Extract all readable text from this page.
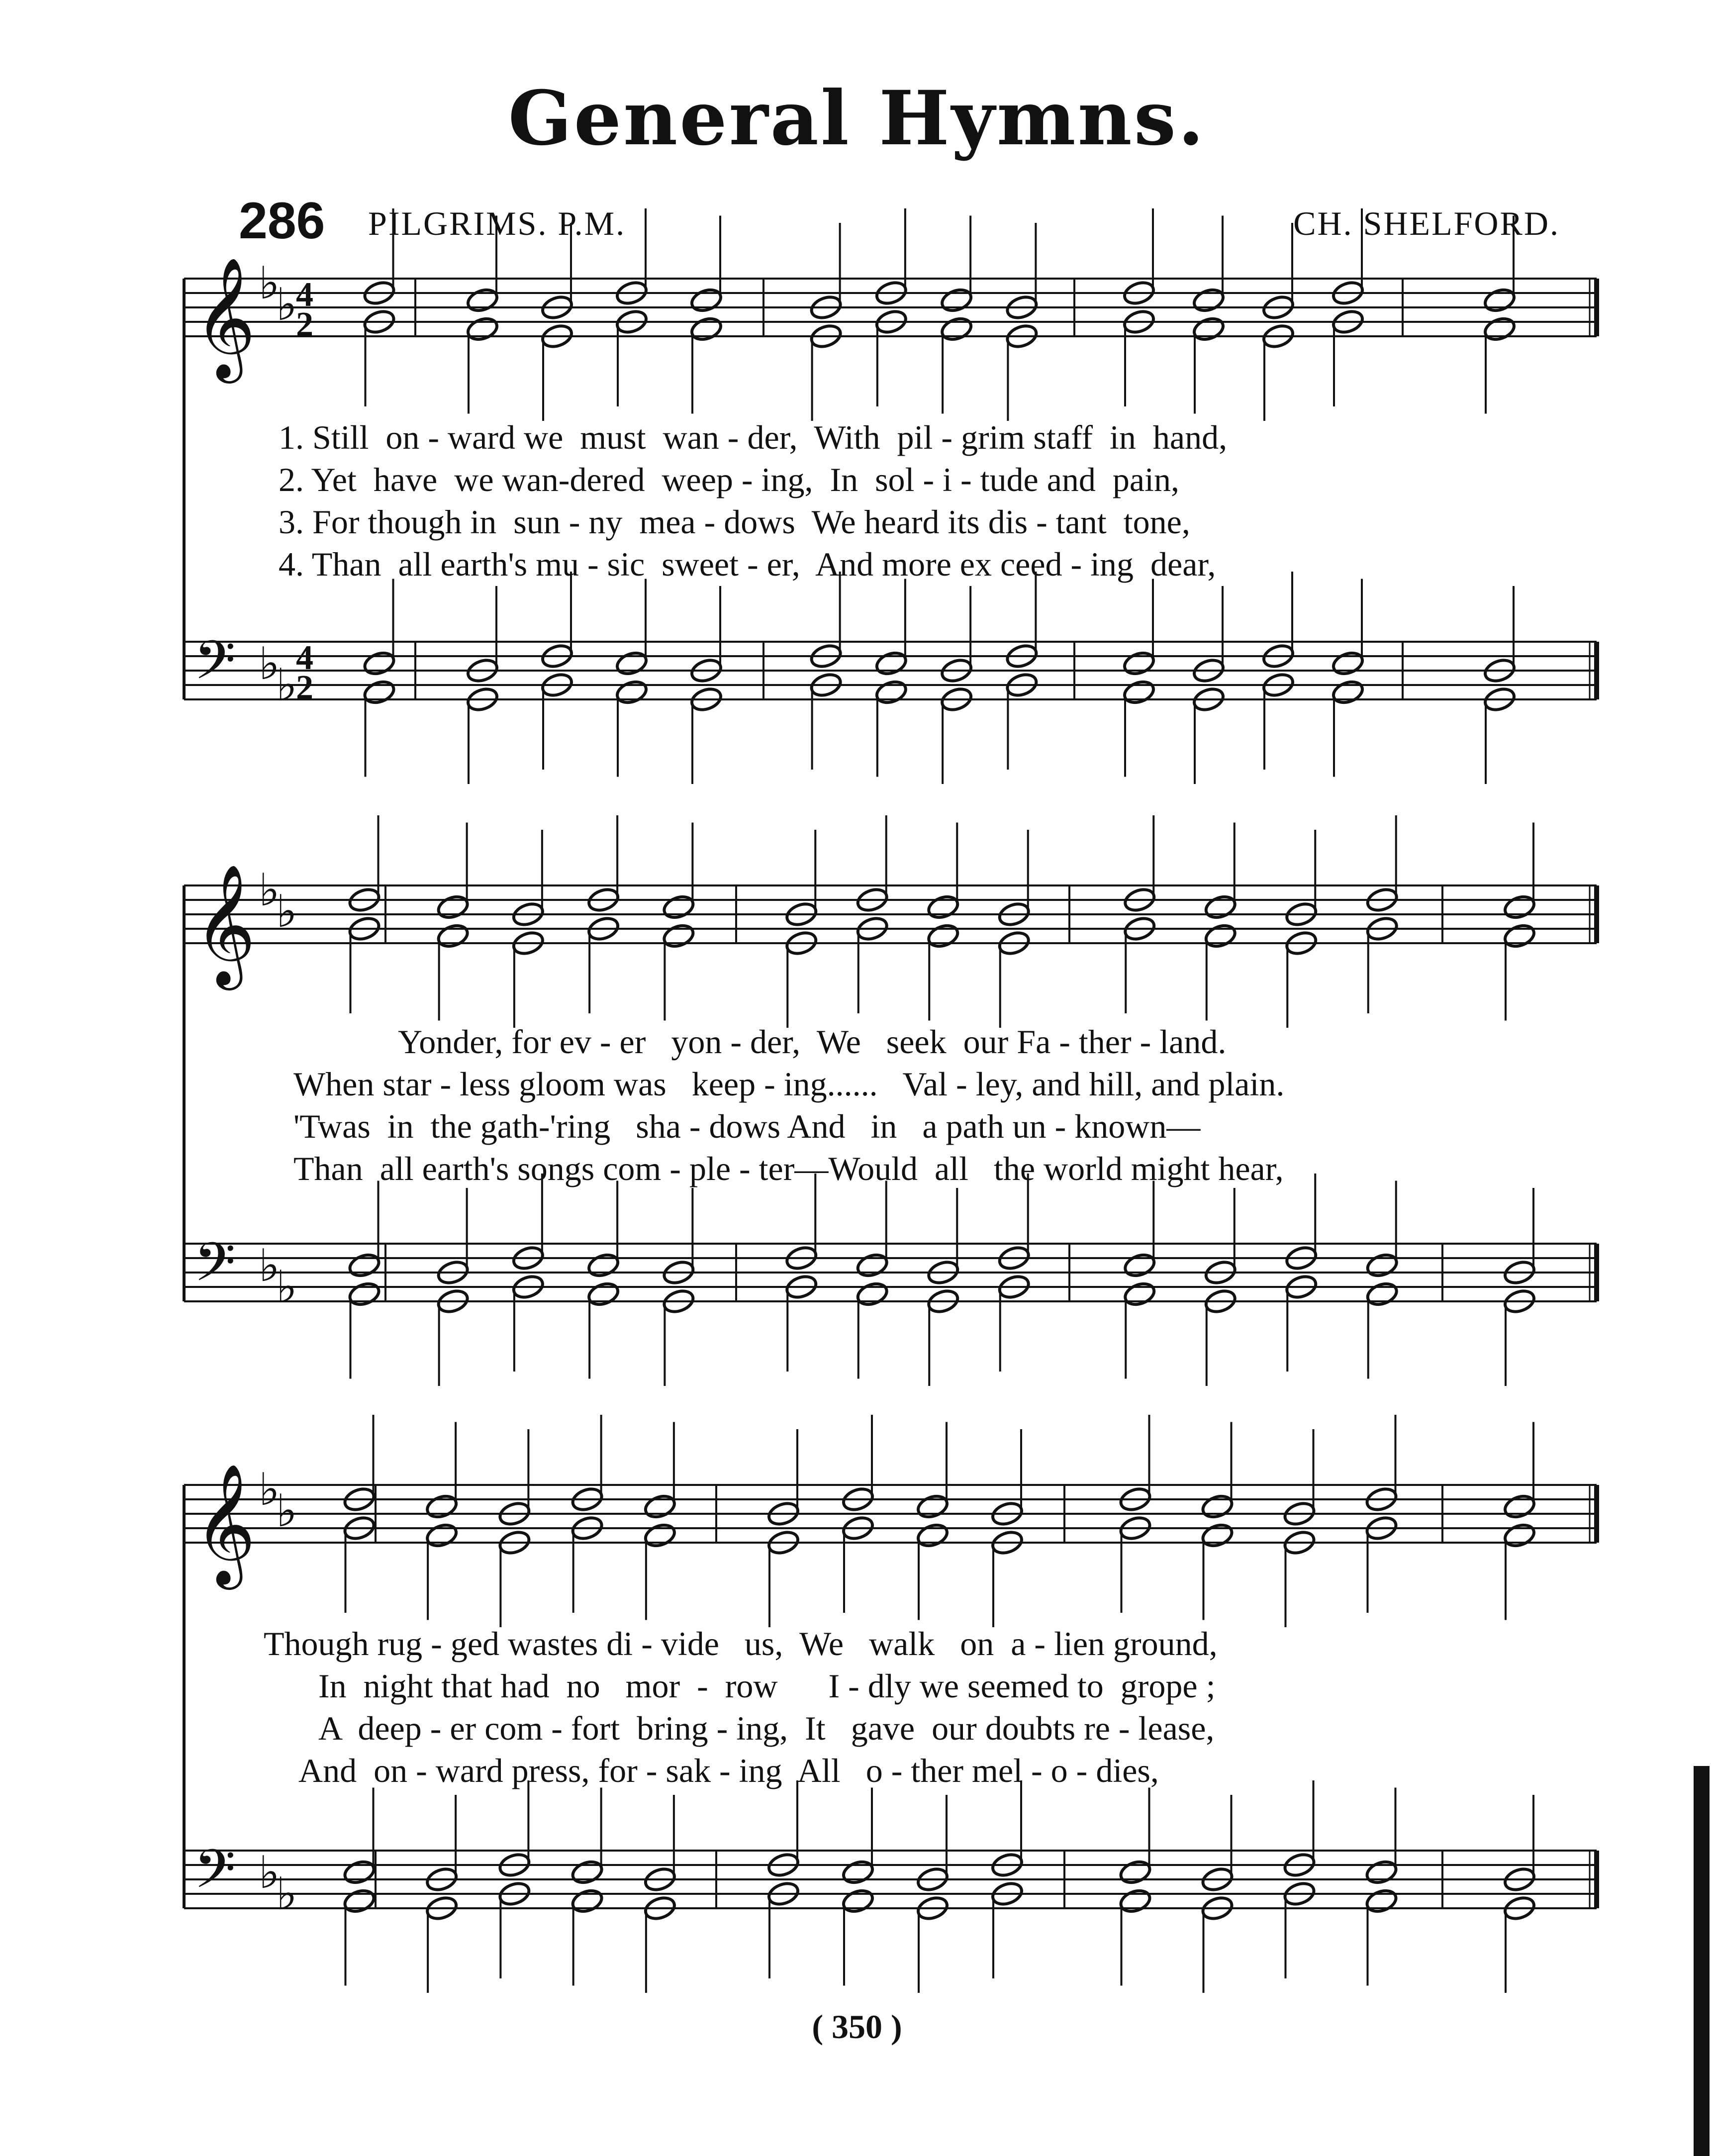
General Hymns.
286 PILGRIMS. P.M.	CH. SHELFORD.
𝄞 ♭
♭
4
2
𝄢 ♭
♭
4
2
𝄞 ♭
♭
𝄢 ♭
♭
𝄞 ♭
♭
𝄢 ♭
♭
1. Still  on - ward we  must  wan - der,  With  pil - grim staff  in  hand,
2. Yet  have  we wan-dered  weep - ing,  In  sol - i - tude and  pain,
3. For though in  sun - ny  mea - dows  We heard its dis - tant  tone,
4. Than  all earth's mu - sic  sweet - er,  And more ex ceed - ing  dear,
Yonder, for ev - er   yon - der,  We   seek  our Fa - ther - land.
When star - less gloom was   keep - ing......   Val - ley, and hill, and plain.
'Twas  in  the gath-'ring   sha - dows And   in   a path un - known—
Than  all earth's songs com - ple - ter—Would  all   the world might hear,
Though rug - ged wastes di - vide   us,  We   walk   on  a - lien ground,
In  night that had  no   mor  -  row      I - dly we seemed to  grope ;
A  deep - er com - fort  bring - ing,  It   gave  our doubts re - lease,
And  on - ward press, for - sak - ing  All   o - ther mel - o - dies,
( 350 )
